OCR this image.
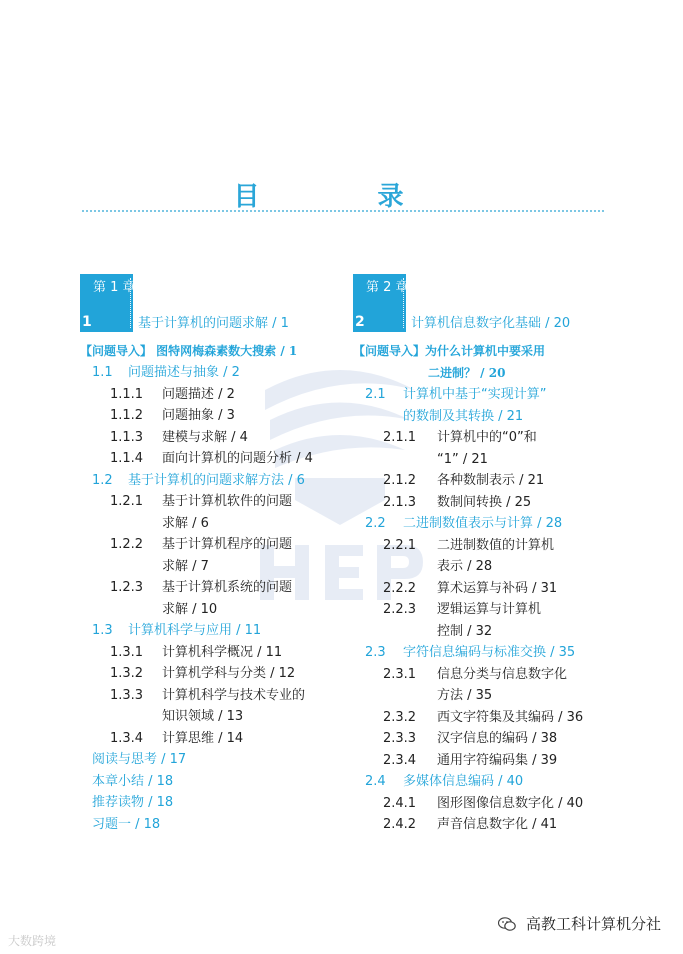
目　录
第 1 章
1	基于计算机的问题求解 / 1
【问题导入】 图特网梅森素数大搜索 / 1
1.1	问题描述与抽象 / 2
1.1.1	问题描述 / 2
1.1.2	问题抽象 / 3
1.1.3	建模与求解 / 4
1.1.4	面向计算机的问题分析 / 4
1.2	基于计算机的问题求解方法 / 6
1.2.1	基于计算机软件的问题
求解 / 6
1.2.2	基于计算机程序的问题
求解 / 7
1.2.3	基于计算机系统的问题
求解 / 10
1.3	计算机科学与应用 / 11
1.3.1	计算机科学概况 / 11
1.3.2	计算机学科与分类 / 12
1.3.3	计算机科学与技术专业的
知识领域 / 13
1.3.4	计算思维 / 14
阅读与思考 / 17
本章小结 / 18
推荐读物 / 18
习题一 / 18
第 2 章
2	计算机信息数字化基础 / 20
【问题导入】为什么计算机中要采用
二进制？ / 20
2.1	计算机中基于“实现计算”
的数制及其转换 / 21
2.1.1	计算机中的“0”和
“1” / 21
2.1.2	各种数制表示 / 21
2.1.3	数制间转换 / 25
2.2	二进制数值表示与计算 / 28
2.2.1	二进制数值的计算机
表示 / 28
2.2.2	算术运算与补码 / 31
2.2.3	逻辑运算与计算机
控制 / 32
2.3	字符信息编码与标准交换 / 35
2.3.1	信息分类与信息数字化
方法 / 35
2.3.2	西文字符集及其编码 / 36
2.3.3	汉字信息的编码 / 38
2.3.4	通用字符编码集 / 39
2.4	多媒体信息编码 / 40
2.4.1	图形图像信息数字化 / 40
2.4.2	声音信息数字化 / 41
高教工科计算机分社
大数跨境
